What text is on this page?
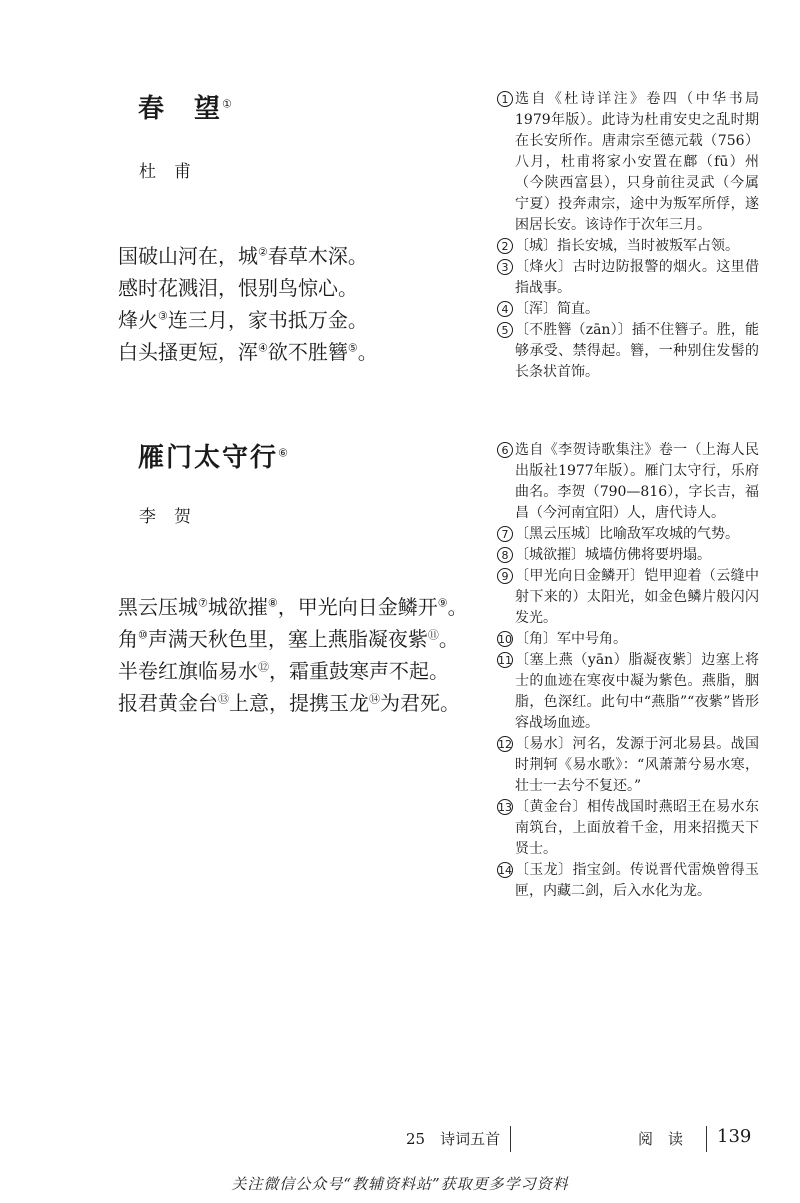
春　望①
杜甫
国破山河在，城②春草木深。
感时花溅泪，恨别鸟惊心。
烽火③连三月，家书抵万金。
白头搔更短，浑④欲不胜簪⑤。
雁门太守行⑥
李贺
黑云压城⑦城欲摧⑧，甲光向日金鳞开⑨。
角⑩声满天秋色里，塞上燕脂凝夜紫⑪。
半卷红旗临易水⑫，霜重鼓寒声不起。
报君黄金台⑬上意，提携玉龙⑭为君死。
1 选自《杜诗详注》卷四（中华书局1979年版）。此诗为杜甫安史之乱时期在长安所作。唐肃宗至德元载（756）八月，杜甫将家小安置在鄜（fū）州（今陕西富县），只身前往灵武（今属宁夏）投奔肃宗，途中为叛军所俘，遂困居长安。该诗作于次年三月。
2 〔城〕指长安城，当时被叛军占领。
3 〔烽火〕古时边防报警的烟火。这里借指战事。
4 〔浑〕简直。
5 〔不胜簪（zān）〕插不住簪子。胜，能够承受、禁得起。簪，一种别住发髻的长条状首饰。
6 选自《李贺诗歌集注》卷一（上海人民出版社1977年版）。雁门太守行，乐府曲名。李贺（790—816），字长吉，福昌（今河南宜阳）人，唐代诗人。
7 〔黑云压城〕比喻敌军攻城的气势。
8 〔城欲摧〕城墙仿佛将要坍塌。
9 〔甲光向日金鳞开〕铠甲迎着（云缝中射下来的）太阳光，如金色鳞片般闪闪发光。
10 〔角〕军中号角。
11 〔塞上燕（yān）脂凝夜紫〕边塞上将士的血迹在寒夜中凝为紫色。燕脂，胭脂，色深红。此句中“燕脂”“夜紫”皆形容战场血迹。
12 〔易水〕河名，发源于河北易县。战国时荆轲《易水歌》：“风萧萧兮易水寒，壮士一去兮不复还。”
13 〔黄金台〕相传战国时燕昭王在易水东南筑台，上面放着千金，用来招揽天下贤士。
14 〔玉龙〕指宝剑。传说晋代雷焕曾得玉匣，内藏二剑，后入水化为龙。
25　诗词五首	阅　读 139
关注微信公众号“教辅资料站”获取更多学习资料
